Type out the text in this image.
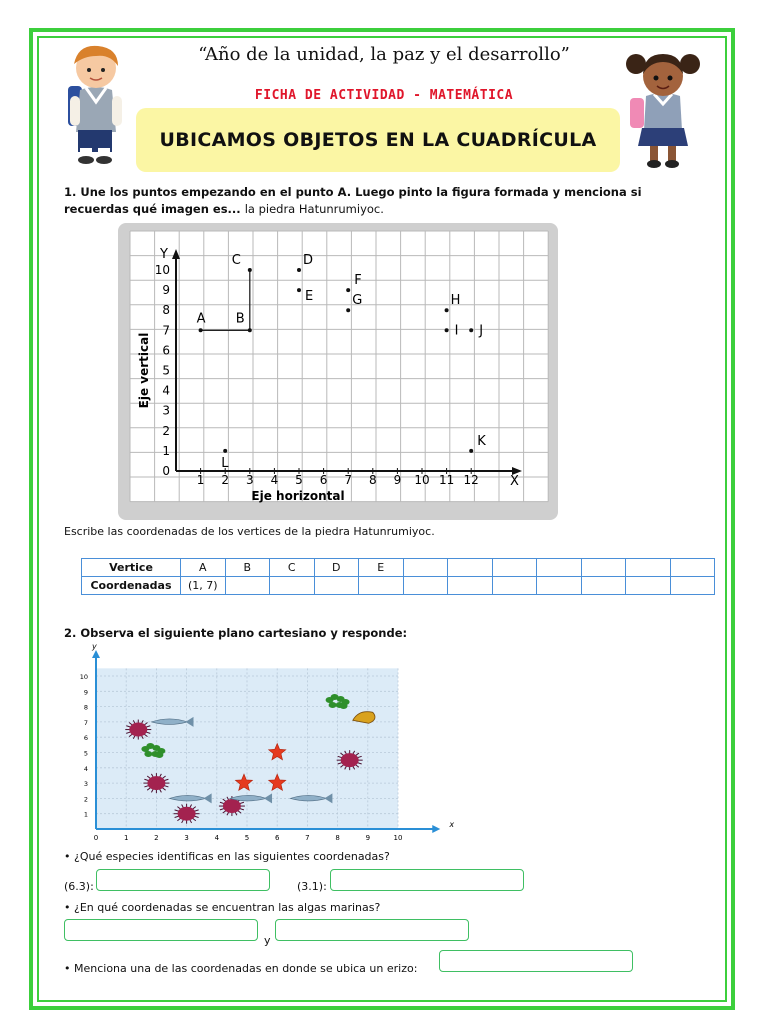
“Año de la unidad, la paz y el desarrollo”
FICHA DE ACTIVIDAD - MATEMÁTICA
UBICAMOS OBJETOS EN LA CUADRÍCULA
1. Une los puntos empezando en el punto A. Luego pinto la figura formada y menciona si
recuerdas qué imagen es... la piedra Hatunrumiyoc.
X
Y
1 2 3 4 5 6 7 8 9 10 11 12
0
1
2
3
4
5
6
7
8
9
10
Eje horizontal
Eje vertical
A B
C	D
E
F
G	H
I J
K
L
Escribe las coordenadas de los vertices de la piedra Hatunrumiyoc.
Vertice	A	B	C	D	E							
Coordenadas	(1, 7)											
2. Observa el siguiente plano cartesiano y responde:
x
y
0	1	2	3	4	5	6	7	8	9	10
1
2
3
4
5
6
7
8
9
10
• ¿Qué especies identificas en las siguientes coordenadas?
(6.3):	(3.1):
• ¿En qué coordenadas se encuentran las algas marinas?
y
• Menciona una de las coordenadas en donde se ubica un erizo:
